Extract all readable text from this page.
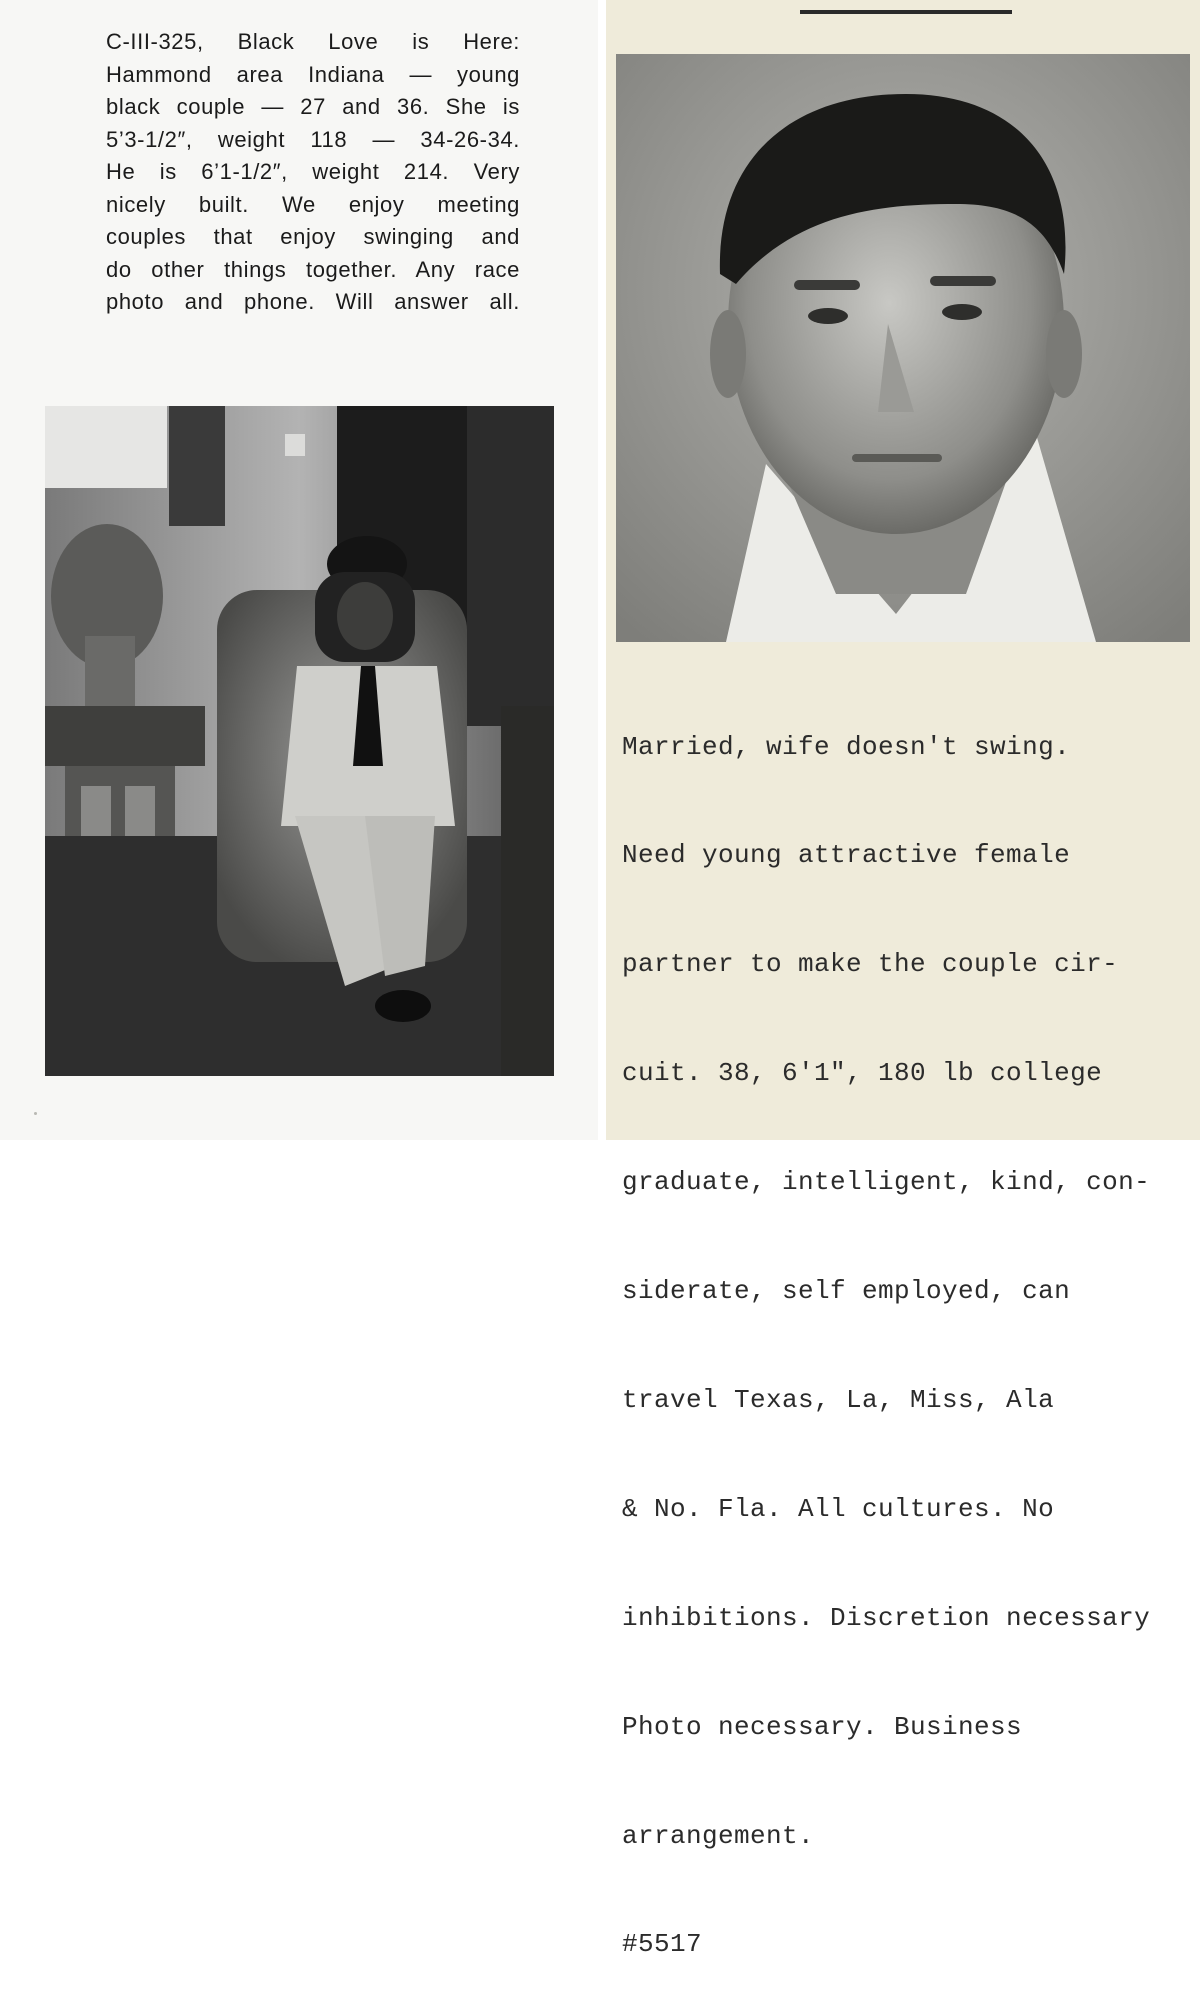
C-III-325, Black Love is Here:
Hammond area Indiana — young
black couple — 27 and 36. She is
5’3-1/2″, weight 118 — 34-26-34.
He is 6’1-1/2″, weight 214. Very
nicely built. We enjoy meeting
couples that enjoy swinging and
do other things together. Any race
photo and phone. Will answer all.

Married, wife doesn't swing.

Need young attractive female

partner to make the couple cir-

cuit. 38, 6'1", 180 lb college

graduate, intelligent, kind, con-

siderate, self employed, can

travel Texas, La, Miss, Ala

& No. Fla. All cultures. No

inhibitions. Discretion necessary

Photo necessary. Business

arrangement.

#5517
